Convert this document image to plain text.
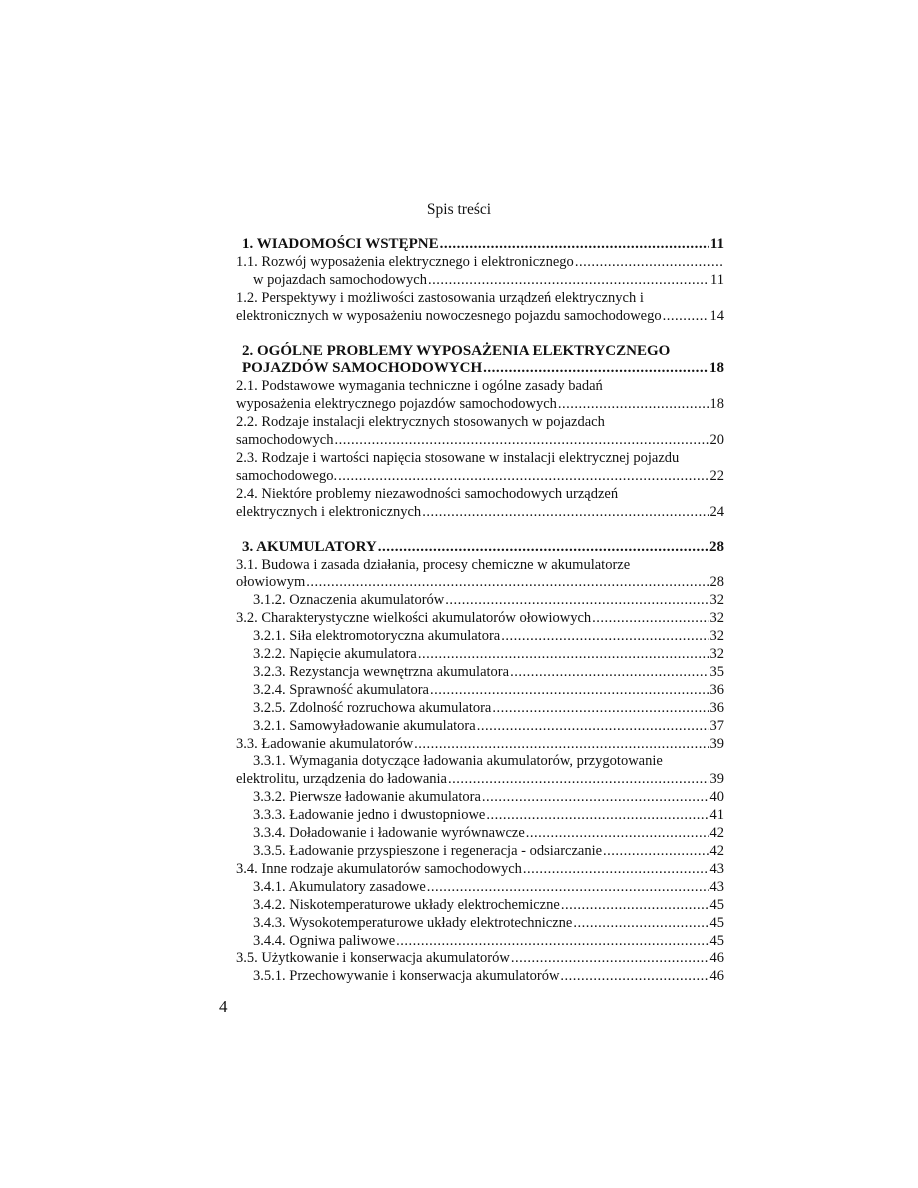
Spis treści
1. WIADOMOŚCI WSTĘPNE .....	11
1.1. Rozwój wyposażenia elektrycznego i elektronicznego
.....
w pojazdach samochodowych .....	11
1.2. Perspektywy i możliwości zastosowania urządzeń elektrycznych i
elektronicznych w wyposażeniu nowoczesnego pojazdu samochodowego .....	14
2. OGÓLNE PROBLEMY WYPOSAŻENIA ELEKTRYCZNEGO
POJAZDÓW SAMOCHODOWYCH .....	18
2.1. Podstawowe wymagania techniczne i ogólne zasady badań
wyposażenia elektrycznego pojazdów samochodowych .....	18
2.2. Rodzaje instalacji elektrycznych stosowanych w pojazdach
samochodowych .....	20
2.3. Rodzaje i wartości napięcia stosowane w instalacji elektrycznej pojazdu
samochodowego. .....	22
2.4. Niektóre problemy niezawodności samochodowych urządzeń
elektrycznych i elektronicznych .....	24
3. AKUMULATORY .....	28
3.1. Budowa i zasada działania, procesy chemiczne w akumulatorze
ołowiowym .....	28
3.1.2. Oznaczenia akumulatorów .....	32
3.2. Charakterystyczne wielkości akumulatorów ołowiowych .....	32
3.2.1. Siła elektromotoryczna akumulatora .....	32
3.2.2. Napięcie akumulatora .....	32
3.2.3. Rezystancja wewnętrzna akumulatora .....	35
3.2.4. Sprawność akumulatora .....	36
3.2.5. Zdolność rozruchowa akumulatora .....	36
3.2.1. Samowyładowanie akumulatora .....	37
3.3. Ładowanie akumulatorów .....	39
3.3.1. Wymagania dotyczące ładowania akumulatorów, przygotowanie
elektrolitu, urządzenia do ładowania .....	39
3.3.2. Pierwsze ładowanie akumulatora .....	40
3.3.3. Ładowanie jedno i dwustopniowe .....	41
3.3.4. Doładowanie i ładowanie wyrównawcze .....	42
3.3.5. Ładowanie przyspieszone i regeneracja - odsiarczanie .....	42
3.4. Inne rodzaje akumulatorów samochodowych .....	43
3.4.1. Akumulatory zasadowe .....	43
3.4.2. Niskotemperaturowe układy elektrochemiczne .....	45
3.4.3. Wysokotemperaturowe układy elektrotechniczne .....	45
3.4.4. Ogniwa paliwowe .....	45
3.5. Użytkowanie i konserwacja akumulatorów .....	46
3.5.1. Przechowywanie i konserwacja akumulatorów .....	46
4
